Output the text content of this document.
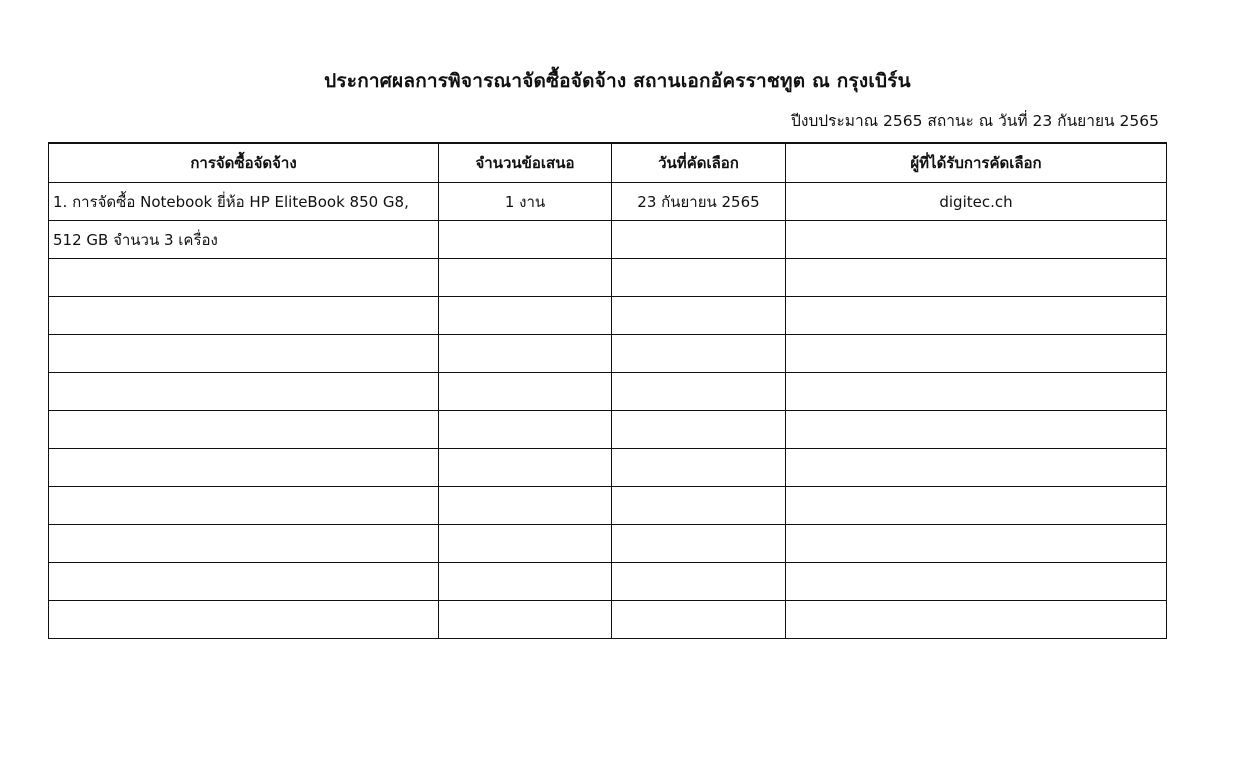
ประกาศผลการพิจารณาจัดซื้อจัดจ้าง สถานเอกอัครราชทูต ณ กรุงเบิร์น
ปีงบประมาณ 2565 สถานะ ณ วันที่ 23 กันยายน 2565
การจัดซื้อจัดจ้าง	จำนวนข้อเสนอ	วันที่คัดเลือก	ผู้ที่ได้รับการคัดเลือก
1. การจัดซื้อ Notebook ยี่ห้อ HP EliteBook 850 G8,	1 งาน	23 กันยายน 2565	digitec.ch
512 GB จำนวน 3 เครื่อง			
